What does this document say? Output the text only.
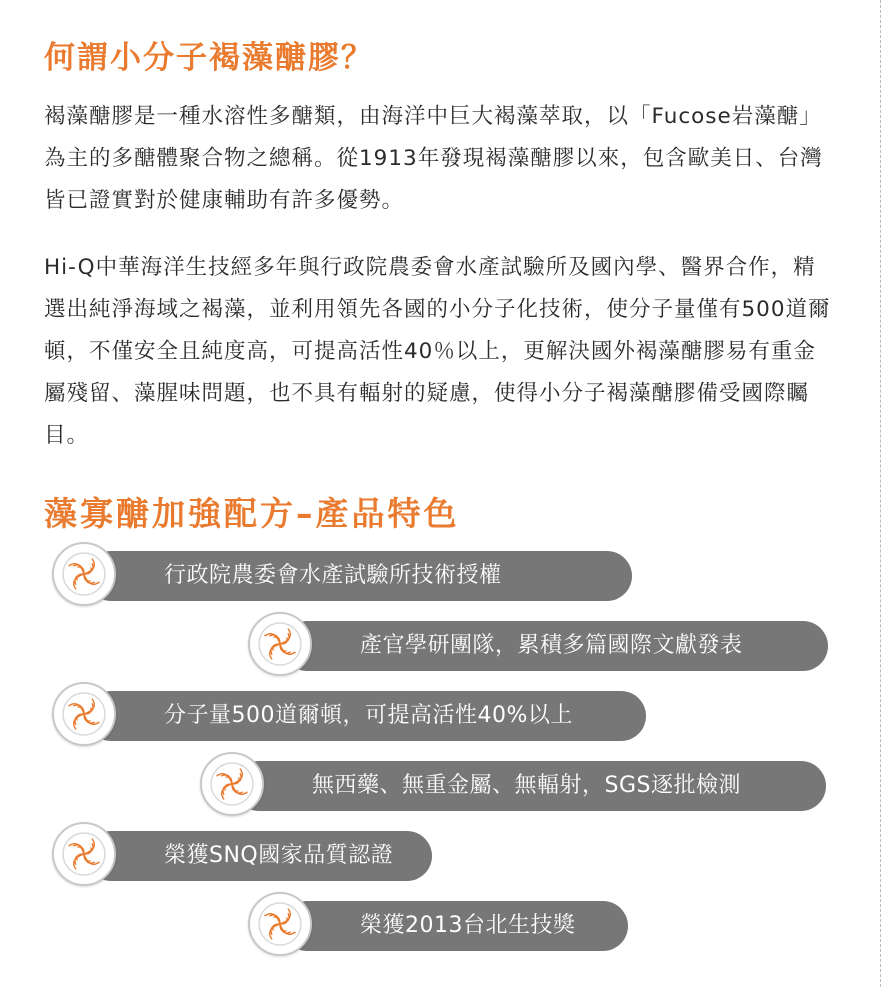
何謂小分子褐藻醣膠？

褐藻醣膠是一種水溶性多醣類，由海洋中巨大褐藻萃取，以「Fucose岩藻醣」為主的多醣體聚合物之總稱。從1913年發現褐藻醣膠以來，包含歐美日、台灣皆已證實對於健康輔助有許多優勢。

Hi-Q中華海洋生技經多年與行政院農委會水產試驗所及國內學、醫界合作，精選出純淨海域之褐藻，並利用領先各國的小分子化技術，使分子量僅有500道爾頓，不僅安全且純度高，可提高活性40％以上，更解決國外褐藻醣膠易有重金屬殘留、藻腥味問題，也不具有輻射的疑慮，使得小分子褐藻醣膠備受國際矚目。

藻寡醣加強配方–產品特色
行政院農委會水產試驗所技術授權
產官學研團隊，累積多篇國際文獻發表
分子量500道爾頓，可提高活性40%以上
無西藥、無重金屬、無輻射，SGS逐批檢測
榮獲SNQ國家品質認證
榮獲2013台北生技獎
